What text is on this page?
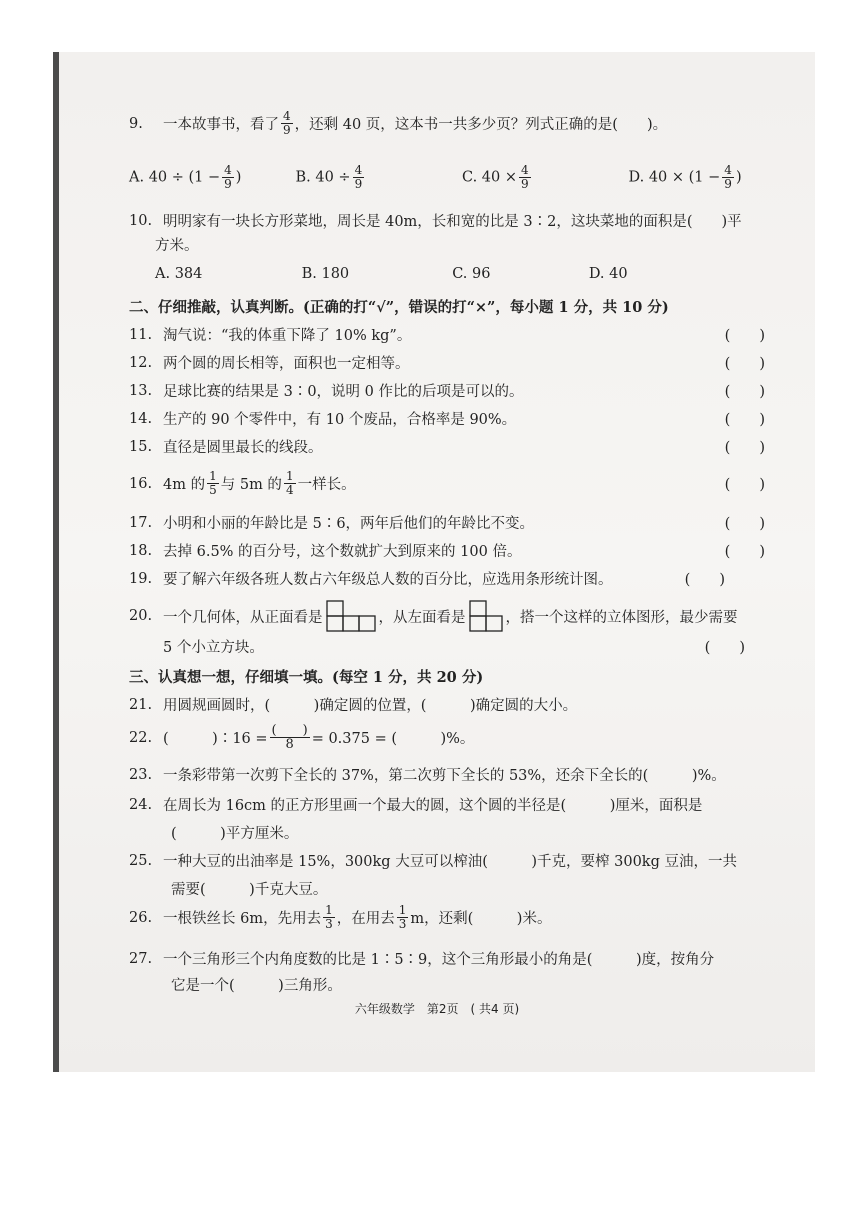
9.	一本故事书，看了 $\frac{4}{9}$ ，还剩 40 页，这本书一共多少页？列式正确的是(　　)。
A. $40 \div (1 - \frac{4}{9}$ )	B. $40 \div \frac{4}{9}$	C. $40 \times \frac{4}{9}$	D. $40 \times (1 - \frac{4}{9}$ )
10. 明明家有一块长方形菜地，周长是 40m，长和宽的比是 3∶2，这块菜地的面积是(　　)平
方米。
A. 384	B. 180	C. 96	D. 40
二、仔细推敲，认真判断。(正确的打“√”，错误的打“×”，每小题 1 分，共 10 分)
11. 淘气说：“我的体重下降了 10% kg”。	(　　)
12. 两个圆的周长相等，面积也一定相等。	(　　)
13. 足球比赛的结果是 3∶0，说明 0 作比的后项是可以的。	(　　)
14. 生产的 90 个零件中，有 10 个废品，合格率是 90%。	(　　)
15. 直径是圆里最长的线段。	(　　)
16. 4m 的 $\frac{1}{5}$ 与 5m 的 $\frac{1}{4}$ 一样长。	(　　)
17. 小明和小丽的年龄比是 5∶6，两年后他们的年龄比不变。	(　　)
18. 去掉 6.5% 的百分号，这个数就扩大到原来的 100 倍。	(　　)
19. 要了解六年级各班人数占六年级总人数的百分比，应选用条形统计图。	(　　)
20. 一个几何体，从正面看是	，从左面看是	，搭一个这样的立体图形，最少需要
5 个小立方块。	(　　)
三、认真想一想，仔细填一填。(每空 1 分，共 20 分)
21. 用圆规画圆时，(　　　)确定圆的位置，(　　　)确定圆的大小。
22. (　　　)∶16 = $\frac{( )}{8} = 0.375$ = (　　　)%。
23. 一条彩带第一次剪下全长的 37%，第二次剪下全长的 53%，还余下全长的(　　　)%。
24. 在周长为 16cm 的正方形里画一个最大的圆，这个圆的半径是(　　　)厘米，面积是
(　　　)平方厘米。
25. 一种大豆的出油率是 15%，300kg 大豆可以榨油(　　　)千克，要榨 300kg 豆油，一共
需要(　　　)千克大豆。
26. 一根铁丝长 6m，先用去 $\frac{1}{3}$ ，在用去 $\frac{1}{3}$ m，还剩(　　　)米。
27. 一个三角形三个内角度数的比是 1∶5∶9，这个三角形最小的角是(　　　)度，按角分
它是一个(　　　)三角形。
六年级数学　第2页　( 共4 页)
